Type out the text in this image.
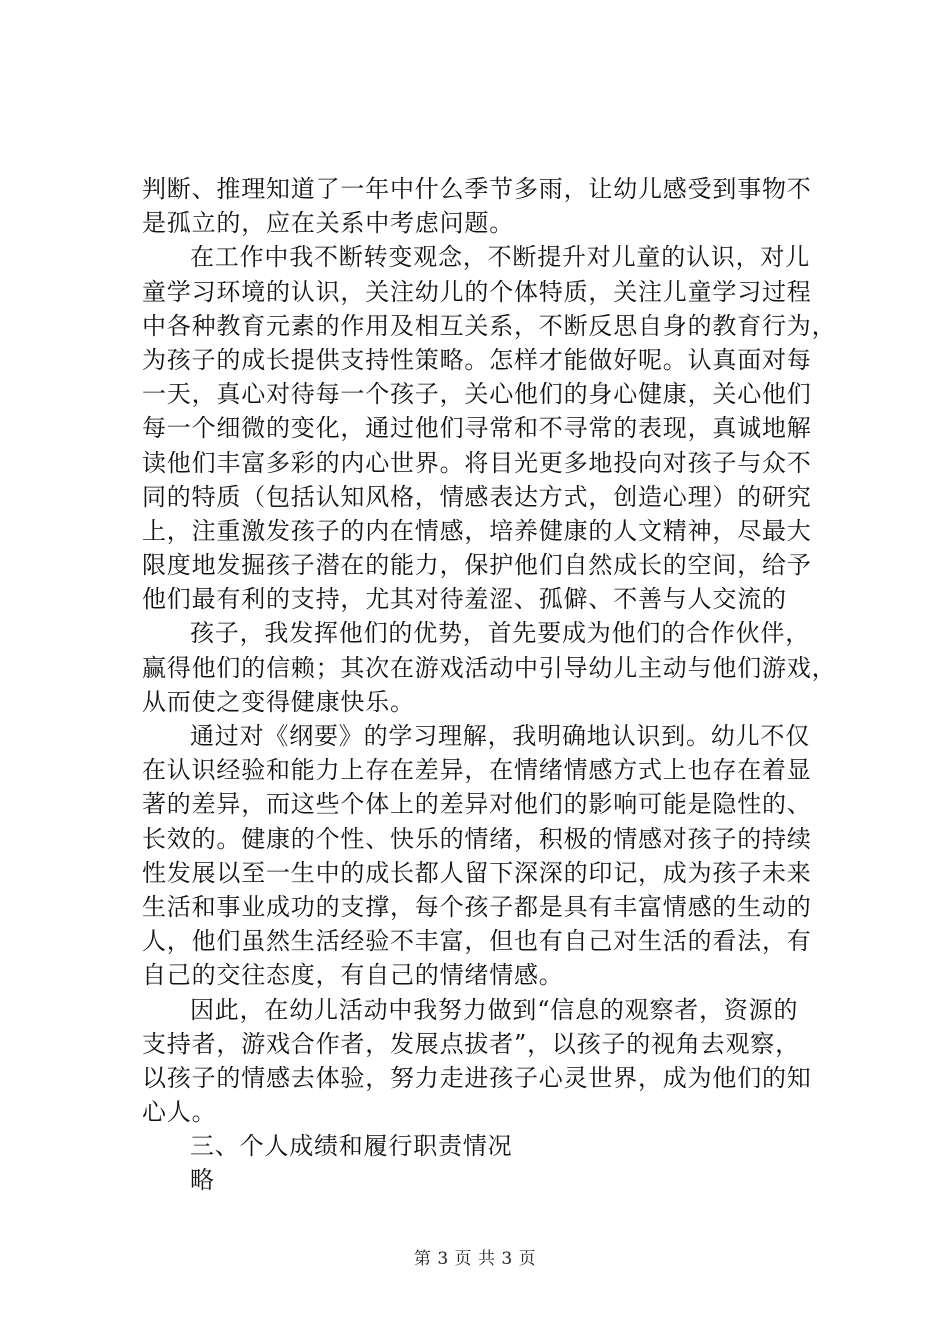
判断、推理知道了一年中什么季节多雨，让幼儿感受到事物不
是孤立的，应在关系中考虑问题。
在工作中我不断转变观念，不断提升对儿童的认识，对儿
童学习环境的认识，关注幼儿的个体特质，关注儿童学习过程
中各种教育元素的作用及相互关系，不断反思自身的教育行为，
为孩子的成长提供支持性策略。怎样才能做好呢。认真面对每
一天，真心对待每一个孩子，关心他们的身心健康，关心他们
每一个细微的变化，通过他们寻常和不寻常的表现，真诚地解
读他们丰富多彩的内心世界。将目光更多地投向对孩子与众不
同的特质（包括认知风格，情感表达方式，创造心理）的研究
上，注重激发孩子的内在情感，培养健康的人文精神，尽最大
限度地发掘孩子潜在的能力，保护他们自然成长的空间，给予
他们最有利的支持，尤其对待羞涩、孤僻、不善与人交流的
孩子，我发挥他们的优势，首先要成为他们的合作伙伴，
赢得他们的信赖；其次在游戏活动中引导幼儿主动与他们游戏，
从而使之变得健康快乐。
通过对《纲要》的学习理解，我明确地认识到。幼儿不仅
在认识经验和能力上存在差异，在情绪情感方式上也存在着显
著的差异，而这些个体上的差异对他们的影响可能是隐性的、
长效的。健康的个性、快乐的情绪，积极的情感对孩子的持续
性发展以至一生中的成长都人留下深深的印记，成为孩子未来
生活和事业成功的支撑，每个孩子都是具有丰富情感的生动的
人，他们虽然生活经验不丰富，但也有自己对生活的看法，有
自己的交往态度，有自己的情绪情感。
因此，在幼儿活动中我努力做到“信息的观察者，资源的
支持者，游戏合作者，发展点拔者”，以孩子的视角去观察，
以孩子的情感去体验，努力走进孩子心灵世界，成为他们的知
心人。
三、个人成绩和履行职责情况
略
第 3 页 共 3 页
